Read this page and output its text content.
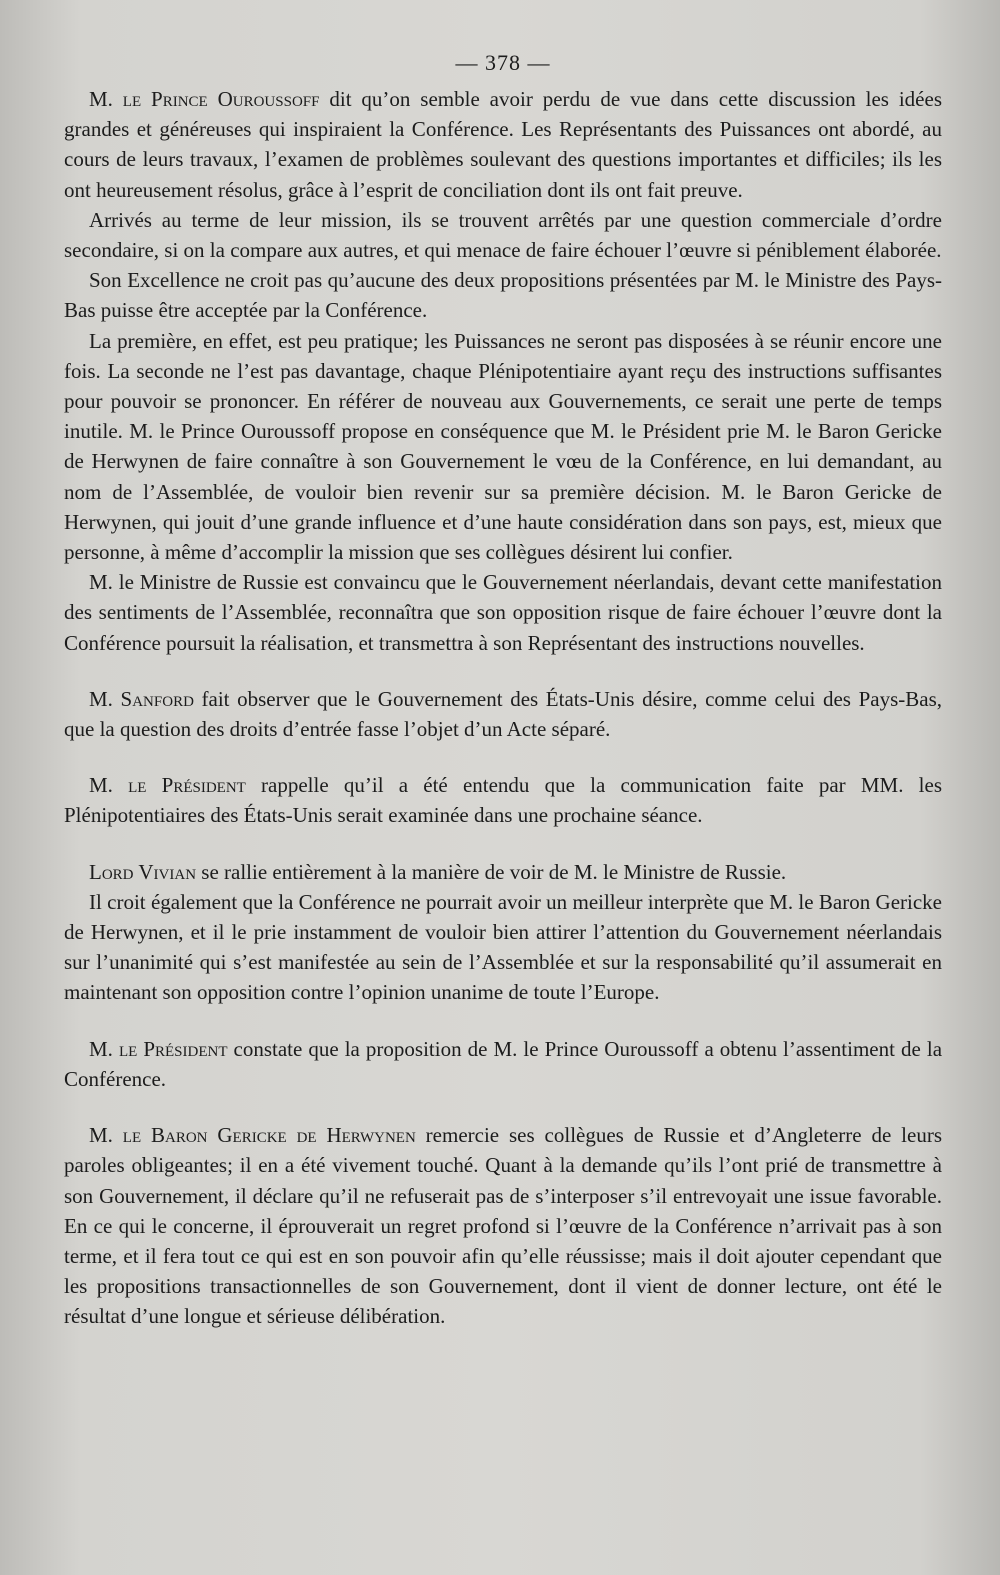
— 378 —

M. le Prince Ouroussoff dit qu’on semble avoir perdu de vue dans cette discussion les idées grandes et généreuses qui inspiraient la Conférence. Les Représentants des Puissances ont abordé, au cours de leurs travaux, l’examen de problèmes soulevant des questions importantes et difficiles; ils les ont heureusement résolus, grâce à l’esprit de conciliation dont ils ont fait preuve.

Arrivés au terme de leur mission, ils se trouvent arrêtés par une question commerciale d’ordre secondaire, si on la compare aux autres, et qui menace de faire échouer l’œuvre si péniblement élaborée.

Son Excellence ne croit pas qu’aucune des deux propositions présentées par M. le Ministre des Pays-Bas puisse être acceptée par la Conférence.

La première, en effet, est peu pratique; les Puissances ne seront pas disposées à se réunir encore une fois. La seconde ne l’est pas davantage, chaque Plénipotentiaire ayant reçu des instructions suffisantes pour pouvoir se prononcer. En référer de nouveau aux Gouvernements, ce serait une perte de temps inutile. M. le Prince Ouroussoff propose en conséquence que M. le Président prie M. le Baron Gericke de Herwynen de faire connaître à son Gouvernement le vœu de la Conférence, en lui demandant, au nom de l’Assemblée, de vouloir bien revenir sur sa première décision. M. le Baron Gericke de Herwynen, qui jouit d’une grande influence et d’une haute considération dans son pays, est, mieux que personne, à même d’accomplir la mission que ses collègues désirent lui confier.

M. le Ministre de Russie est convaincu que le Gouvernement néerlandais, devant cette manifestation des sentiments de l’Assemblée, reconnaîtra que son opposition risque de faire échouer l’œuvre dont la Conférence poursuit la réalisation, et transmettra à son Représentant des instructions nouvelles.

M. Sanford fait observer que le Gouvernement des États-Unis désire, comme celui des Pays-Bas, que la question des droits d’entrée fasse l’objet d’un Acte séparé.

M. le Président rappelle qu’il a été entendu que la communication faite par MM. les Plénipotentiaires des États-Unis serait examinée dans une prochaine séance.

Lord Vivian se rallie entièrement à la manière de voir de M. le Ministre de Russie.

Il croit également que la Conférence ne pourrait avoir un meilleur interprète que M. le Baron Gericke de Herwynen, et il le prie instamment de vouloir bien attirer l’attention du Gouvernement néerlandais sur l’unanimité qui s’est manifestée au sein de l’Assemblée et sur la responsabilité qu’il assumerait en maintenant son opposition contre l’opinion unanime de toute l’Europe.

M. le Président constate que la proposition de M. le Prince Ouroussoff a obtenu l’assentiment de la Conférence.

M. le Baron Gericke de Herwynen remercie ses collègues de Russie et d’Angleterre de leurs paroles obligeantes; il en a été vivement touché. Quant à la demande qu’ils l’ont prié de transmettre à son Gouvernement, il déclare qu’il ne refuserait pas de s’interposer s’il entrevoyait une issue favorable. En ce qui le concerne, il éprouverait un regret profond si l’œuvre de la Conférence n’arrivait pas à son terme, et il fera tout ce qui est en son pouvoir afin qu’elle réussisse; mais il doit ajouter cependant que les propositions transactionnelles de son Gouvernement, dont il vient de donner lecture, ont été le résultat d’une longue et sérieuse délibération.
